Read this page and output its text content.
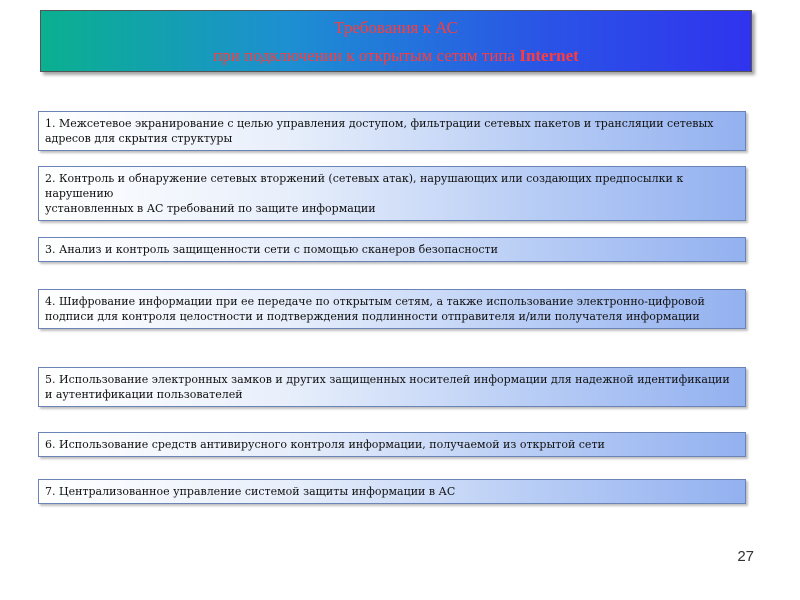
Требования к АС
при подключении к открытым сетям типа Internet
1. Межсетевое экранирование с целью управления доступом, фильтрации сетевых пакетов и трансляции сетевых адресов для скрытия структуры
2. Контроль и обнаружение сетевых вторжений (сетевых атак), нарушающих или создающих предпосылки к нарушению
установленных в АС требований по защите информации
3. Анализ и контроль защищенности сети с помощью сканеров безопасности
4. Шифрование информации при ее передаче по открытым сетям, а также использование электронно-цифровой подписи для контроля целостности и подтверждения подлинности отправителя и/или получателя информации
5. Использование электронных замков и других защищенных носителей информации для надежной идентификации и аутентификации пользователей
6. Использование средств антивирусного контроля информации, получаемой из открытой сети
7. Централизованное управление системой защиты информации в АС
27
